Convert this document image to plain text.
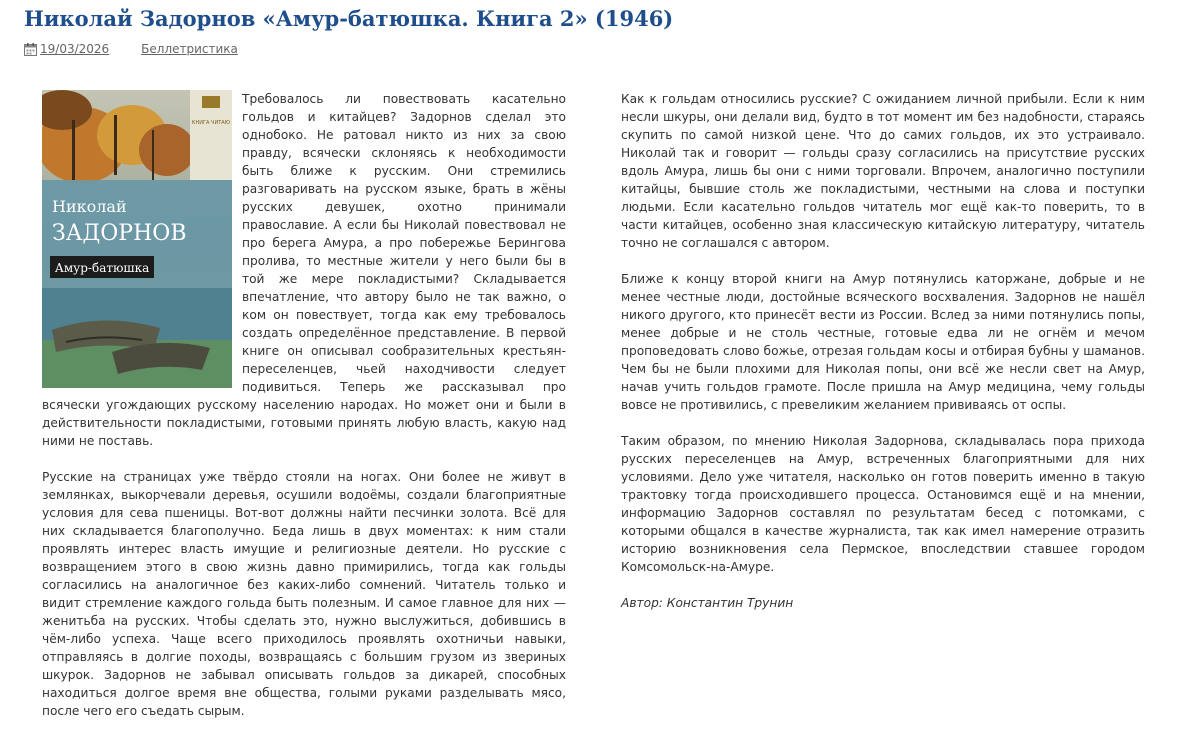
Николай Задорнов «Амур-батюшка. Книга 2» (1946)
19/03/2026	Беллетристика
КНИГА ЧИТАЮ
Николай
ЗАДОРНОВ
Амур-батюшка

Требовалось ли повествовать касательно гольдов и китайцев? Задорнов сделал это однобоко. Не ратовал никто из них за свою правду, всячески склоняясь к необходимости быть ближе к русским. Они стремились разговаривать на русском языке, брать в жёны русских девушек, охотно принимали православие. А если бы Николай повествовал не про берега Амура, а про побережье Берингова пролива, то местные жители у него были бы в той же мере покладистыми? Складывается впечатление, что автору было не так важно, о ком он повествует, тогда как ему требовалось создать определённое представление. В первой книге он описывал сообразительных крестьян-переселенцев, чьей находчивости следует подивиться. Теперь же рассказывал про всячески угождающих русскому населению народах. Но может они и были в действительности покладистыми, готовыми принять любую власть, какую над ними не поставь.

Русские на страницах уже твёрдо стояли на ногах. Они более не живут в землянках, выкорчевали деревья, осушили водоёмы, создали благоприятные условия для сева пшеницы. Вот-вот должны найти песчинки золота. Всё для них складывается благополучно. Беда лишь в двух моментах: к ним стали проявлять интерес власть имущие и религиозные деятели. Но русские с возвращением этого в свою жизнь давно примирились, тогда как гольды согласились на аналогичное без каких-либо сомнений. Читатель только и видит стремление каждого гольда быть полезным. И самое главное для них — женитьба на русских. Чтобы сделать это, нужно выслужиться, добившись в чём-либо успеха. Чаще всего приходилось проявлять охотничьи навыки, отправляясь в долгие походы, возвращаясь с большим грузом из звериных шкурок. Задорнов не забывал описывать гольдов за дикарей, способных находиться долгое время вне общества, голыми руками разделывать мясо, после чего его съедать сырым.

Как к гольдам относились русские? С ожиданием личной прибыли. Если к ним несли шкуры, они делали вид, будто в тот момент им без надобности, стараясь скупить по самой низкой цене. Что до самих гольдов, их это устраивало. Николай так и говорит — гольды сразу согласились на присутствие русских вдоль Амура, лишь бы они с ними торговали. Впрочем, аналогично поступили китайцы, бывшие столь же покладистыми, честными на слова и поступки людьми. Если касательно гольдов читатель мог ещё как-то поверить, то в части китайцев, особенно зная классическую китайскую литературу, читатель точно не соглашался с автором.

Ближе к концу второй книги на Амур потянулись каторжане, добрые и не менее честные люди, достойные всяческого восхваления. Задорнов не нашёл никого другого, кто принесёт вести из России. Вслед за ними потянулись попы, менее добрые и не столь честные, готовые едва ли не огнём и мечом проповедовать слово божье, отрезая гольдам косы и отбирая бубны у шаманов. Чем бы не были плохими для Николая попы, они всё же несли свет на Амур, начав учить гольдов грамоте. После пришла на Амур медицина, чему гольды вовсе не противились, с превеликим желанием прививаясь от оспы.

Таким образом, по мнению Николая Задорнова, складывалась пора прихода русских переселенцев на Амур, встреченных благоприятными для них условиями. Дело уже читателя, насколько он готов поверить именно в такую трактовку тогда происходившего процесса. Остановимся ещё и на мнении, информацию Задорнов составлял по результатам бесед с потомками, с которыми общался в качестве журналиста, так как имел намерение отразить историю возникновения села Пермское, впоследствии ставшее городом Комсомольск-на-Амуре.

Автор: Константин Трунин
